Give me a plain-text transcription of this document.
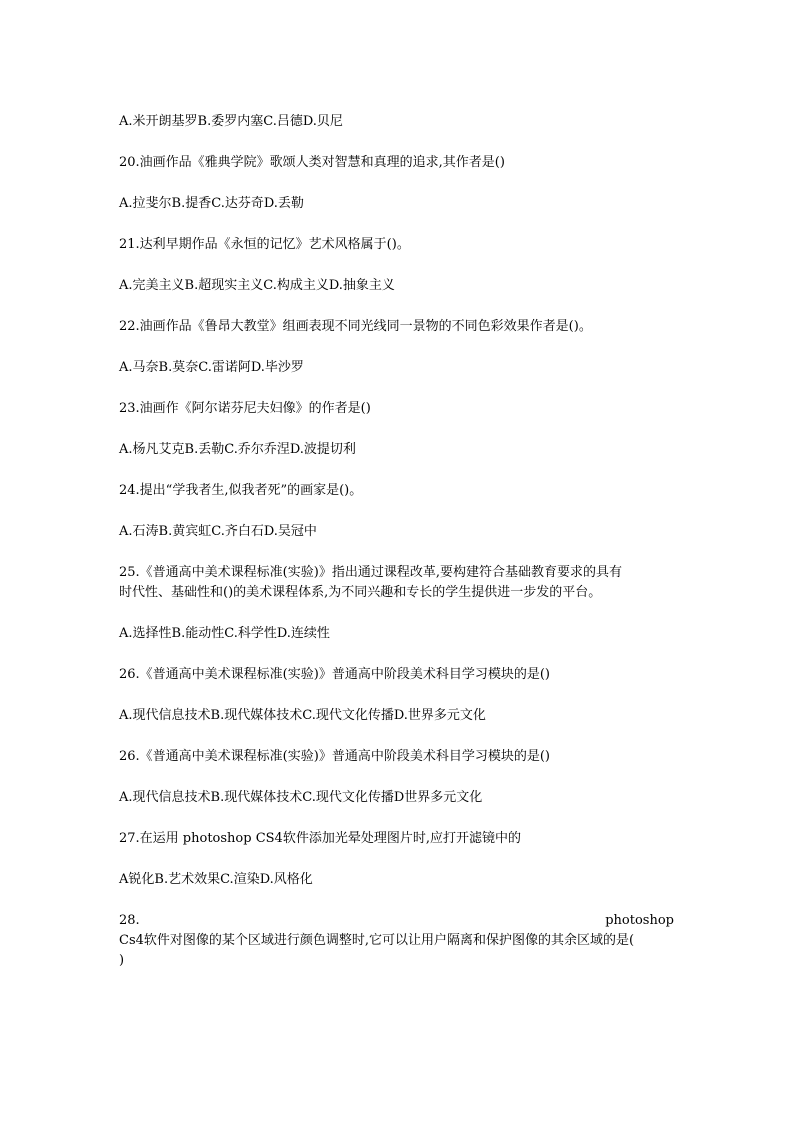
A.米开朗基罗B.委罗内塞C.吕德D.贝尼
20.油画作品《雅典学院》歌颂人类对智慧和真理的追求,其作者是()
A.拉斐尔B.提香C.达芬奇D.丢勒
21.达利早期作品《永恒的记忆》艺术风格属于()。
A.完美主义B.超现实主义C.构成主义D.抽象主义
22.油画作品《鲁昂大教堂》组画表现不同光线同一景物的不同色彩效果作者是()。
A.马奈B.莫奈C.雷诺阿D.毕沙罗
23.油画作《阿尔诺芬尼夫妇像》的作者是()
A.杨凡艾克B.丢勒C.乔尔乔涅D.波提切利
24.提出“学我者生,似我者死”的画家是()。
A.石涛B.黄宾虹C.齐白石D.吴冠中
25.《普通高中美术课程标准(实验)》指出通过课程改革,要构建符合基础教育要求的具有
时代性、基础性和()的美术课程体系,为不同兴趣和专长的学生提供进一步发的平台。
A.选择性B.能动性C.科学性D.连续性
26.《普通高中美术课程标准(实验)》普通高中阶段美术科目学习模块的是()
A.现代信息技术B.现代媒体技术C.现代文化传播D.世界多元文化
26.《普通高中美术课程标准(实验)》普通高中阶段美术科目学习模块的是()
A.现代信息技术B.现代媒体技术C.现代文化传播D世界多元文化
27.在运用 photoshop CS4软件添加光晕处理图片时,应打开滤镜中的
A锐化B.艺术效果C.渲染D.风格化
28.	photoshop
Cs4软件对图像的某个区域进行颜色调整时,它可以让用户隔离和保护图像的其余区域的是(
)
